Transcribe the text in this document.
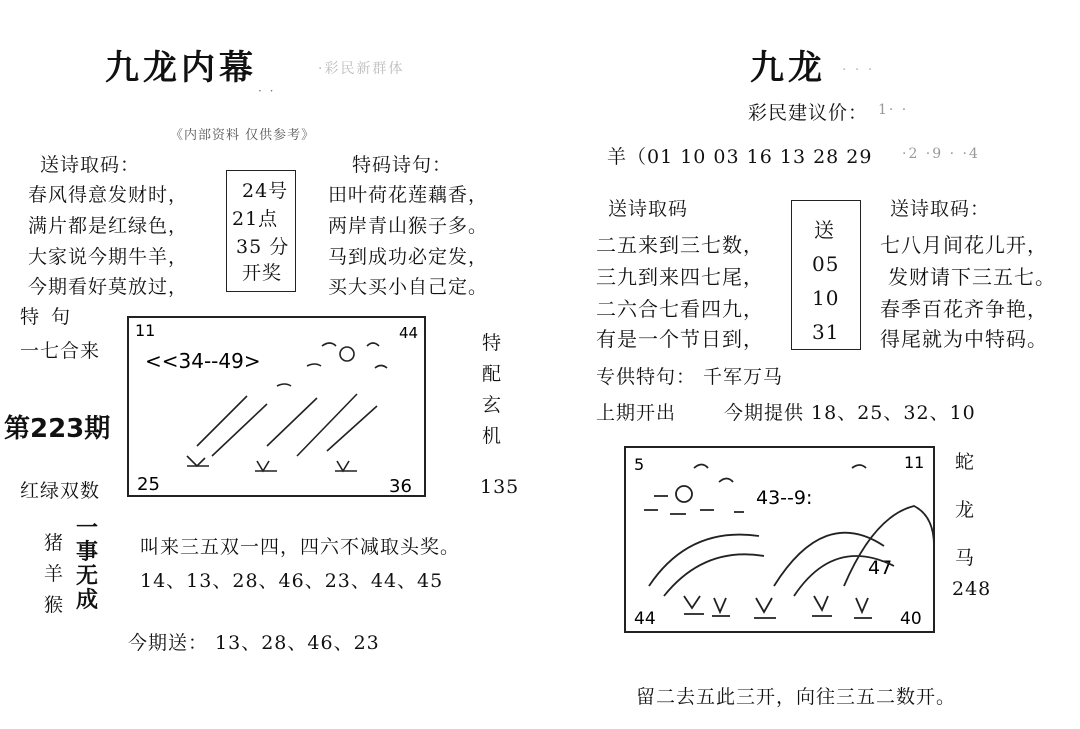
九龙内幕	·彩民新群体
· ·
《内部资料 仅供参考》
送诗取码：
春风得意发财时，
满片都是红绿色，
大家说今期牛羊，
今期看好莫放过，
24号
21点
35 分
开奖
特码诗句：
田叶荷花莲藕香，
两岸青山猴子多。
马到成功必定发，
买大买小自己定。
特 句
一七合来
第223期
红绿双数
11	44
25	36
<<34--49>
特
配
玄
机
135
猪
羊
猴
一
事
无
成
叫来三五双一四，四六不减取头奖。
14、13、28、46、23、44、45
今期送： 13、28、46、23
九龙 · · ·
彩民建议价： 1· ·
羊（01 10 03 16 13 28 29 ·2 ·9 · ·4
送诗取码
二五来到三七数，
三九到来四七尾，
二六合七看四九，
有是一个节日到，
送
05
10
31
送诗取码：
七八月间花儿开，
发财请下三五七。
春季百花齐争艳，
得尾就为中特码。
专供特句： 千军万马
上期开出	今期提供 18、25、32、10
5	11
44	40
47
43--9:
蛇
龙
马
248
留二去五此三开，向往三五二数开。
